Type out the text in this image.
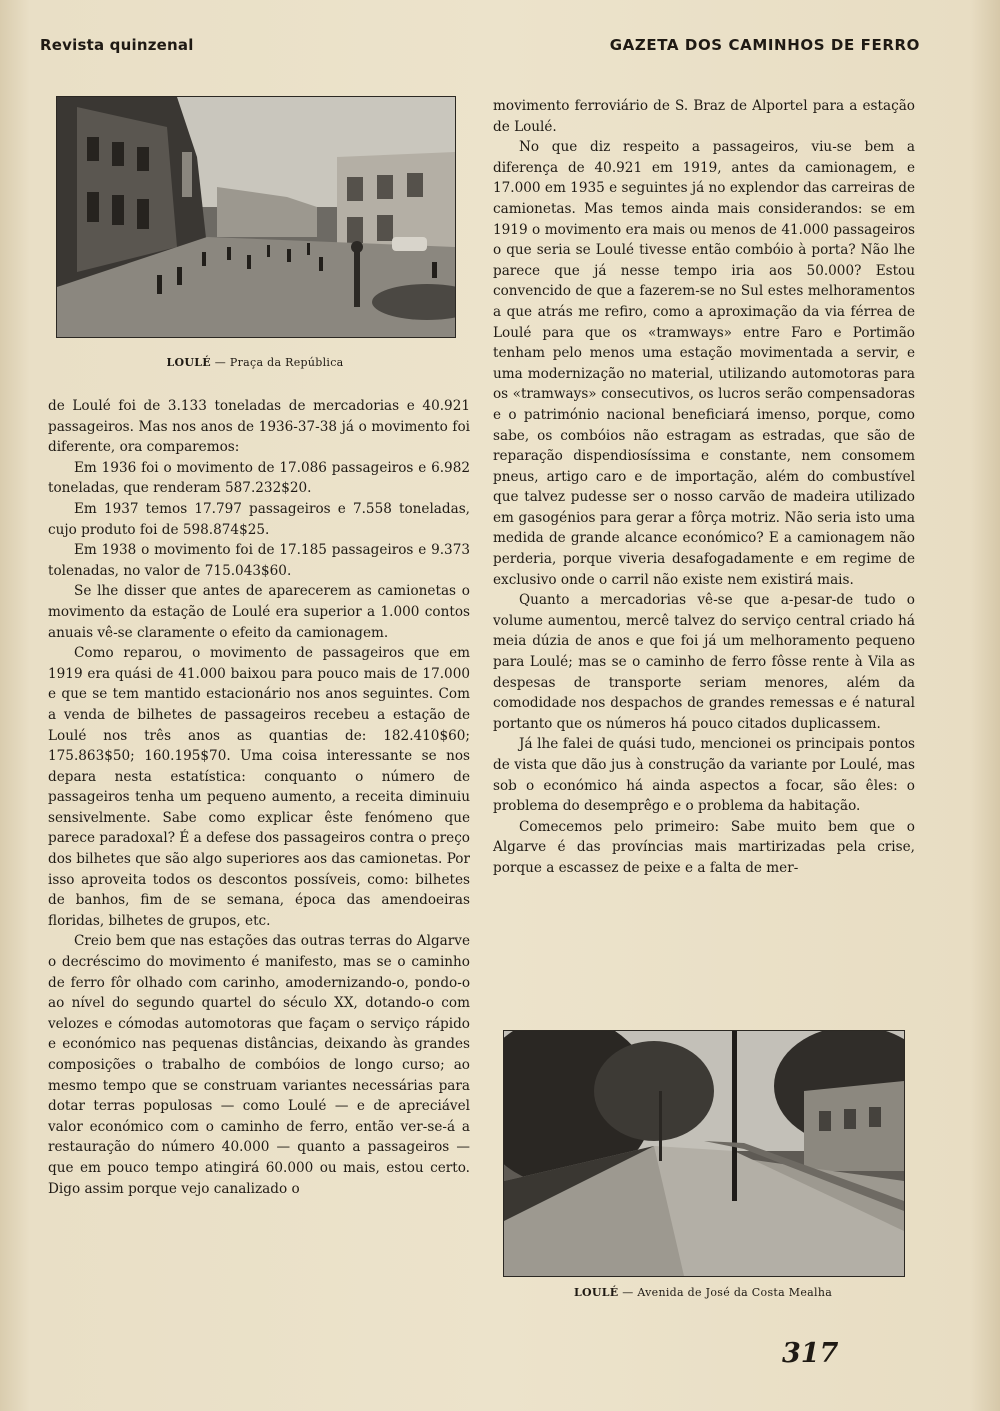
Revista quinzenal	GAZETA DOS CAMINHOS DE FERRO
LOULÉ — Praça da República

de Loulé foi de 3.133 toneladas de mercadorias e 40.921 passageiros. Mas nos anos de 1936-37-38 já o movimento foi diferente, ora comparemos:

Em 1936 foi o movimento de 17.086 passageiros e 6.982 toneladas, que renderam 587.232$20.

Em 1937 temos 17.797 passageiros e 7.558 toneladas, cujo produto foi de 598.874$25.

Em 1938 o movimento foi de 17.185 passageiros e 9.373 tolenadas, no valor de 715.043$60.

Se lhe disser que antes de aparecerem as camionetas o movimento da estação de Loulé era superior a 1.000 contos anuais vê-se claramente o efeito da camionagem.

Como reparou, o movimento de passageiros que em 1919 era quási de 41.000 baixou para pouco mais de 17.000 e que se tem mantido estacionário nos anos seguintes. Com a venda de bilhetes de passageiros recebeu a estação de Loulé nos três anos as quantias de: 182.410$60; 175.863$50; 160.195$70. Uma coisa interessante se nos depara nesta estatística: conquanto o número de passageiros tenha um pequeno aumento, a receita diminuiu sensivelmente. Sabe como explicar êste fenómeno que parece paradoxal? É a defese dos passageiros contra o preço dos bilhetes que são algo superiores aos das camionetas. Por isso aproveita todos os descontos possíveis, como: bilhetes de banhos, fim de se semana, época das amendoeiras floridas, bilhetes de grupos, etc.

Creio bem que nas estações das outras terras do Algarve o decréscimo do movimento é manifesto, mas se o caminho de ferro fôr olhado com carinho, amodernizando-o, pondo-o ao nível do segundo quartel do século XX, dotando-o com velozes e cómodas automotoras que façam o serviço rápido e económico nas pequenas distâncias, deixando às grandes composições o trabalho de combóios de longo curso; ao mesmo tempo que se construam variantes necessárias para dotar terras populosas — como Loulé — e de apreciável valor económico com o caminho de ferro, então ver-se-á a restauração do número 40.000 — quanto a passageiros — que em pouco tempo atingirá 60.000 ou mais, estou certo. Digo assim porque vejo canalizado o

movimento ferroviário de S. Braz de Alportel para a estação de Loulé.

No que diz respeito a passageiros, viu-se bem a diferença de 40.921 em 1919, antes da camionagem, e 17.000 em 1935 e seguintes já no explendor das carreiras de camionetas. Mas temos ainda mais considerandos: se em 1919 o movimento era mais ou menos de 41.000 passageiros o que seria se Loulé tivesse então combóio à porta? Não lhe parece que já nesse tempo iria aos 50.000? Estou convencido de que a fazerem-se no Sul estes melhoramentos a que atrás me refiro, como a aproximação da via férrea de Loulé para que os «tramways» entre Faro e Portimão tenham pelo menos uma estação movimentada a servir, e uma modernização no material, utilizando automotoras para os «tramways» consecutivos, os lucros serão compensadoras e o património nacional beneficiará imenso, porque, como sabe, os combóios não estragam as estradas, que são de reparação dispendiosíssima e constante, nem consomem pneus, artigo caro e de importação, além do combustível que talvez pudesse ser o nosso carvão de madeira utilizado em gasogénios para gerar a fôrça motriz. Não seria isto uma medida de grande alcance económico? E a camionagem não perderia, porque viveria desafogadamente e em regime de exclusivo onde o carril não existe nem existirá mais.

Quanto a mercadorias vê-se que a-pesar-de tudo o volume aumentou, mercê talvez do serviço central criado há meia dúzia de anos e que foi já um melhoramento pequeno para Loulé; mas se o caminho de ferro fôsse rente à Vila as despesas de transporte seriam menores, além da comodidade nos despachos de grandes remessas e é natural portanto que os números há pouco citados duplicassem.

Já lhe falei de quási tudo, mencionei os principais pontos de vista que dão jus à construção da variante por Loulé, mas sob o económico há ainda aspectos a focar, são êles: o problema do desemprêgo e o problema da habitação.

Comecemos pelo primeiro: Sabe muito bem que o Algarve é das províncias mais martirizadas pela crise, porque a escassez de peixe e a falta de mer-

LOULÉ — Avenida de José da Costa Mealha
317
